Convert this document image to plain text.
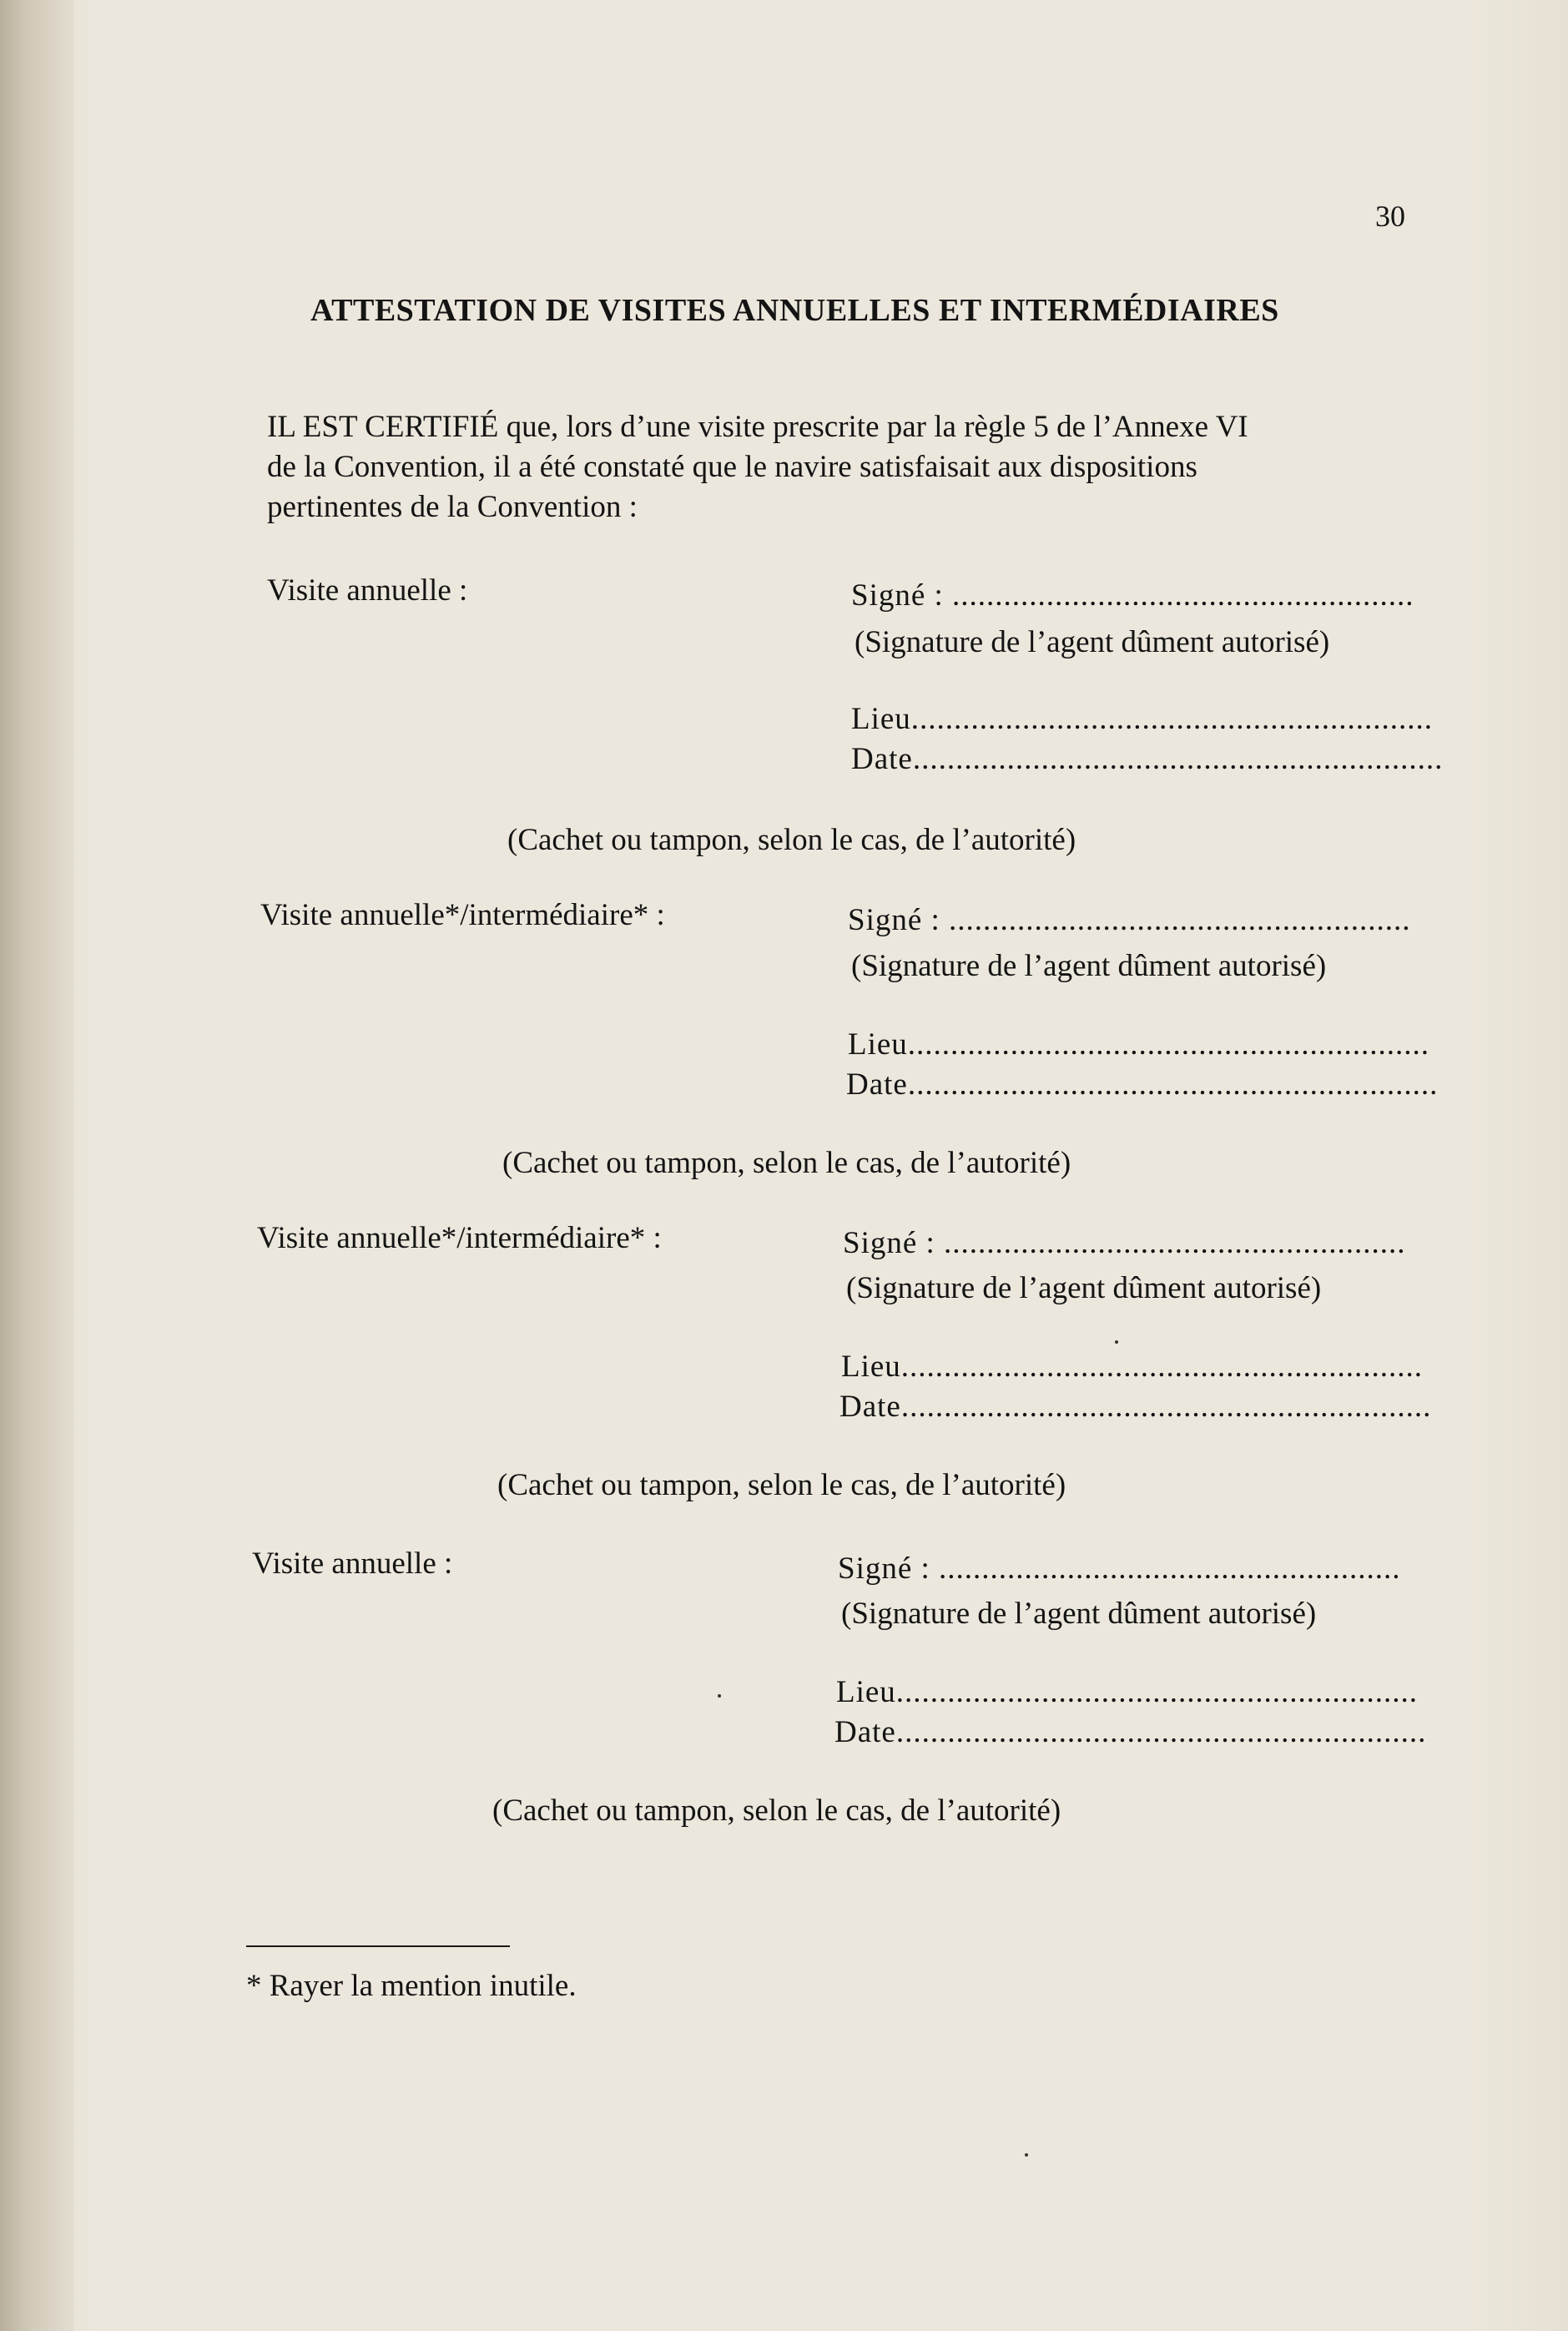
30
ATTESTATION DE VISITES ANNUELLES ET INTERMÉDIAIRES
IL EST CERTIFIÉ que, lors d’une visite prescrite par la règle 5 de l’Annexe VI
de la Convention, il a été constaté que le navire satisfaisait aux dispositions
pertinentes de la Convention :
Visite annuelle :	Signé : ......................................................
(Signature de l’agent dûment autorisé)
Lieu.............................................................
Date..............................................................
(Cachet ou tampon, selon le cas, de l’autorité)
Visite annuelle*/intermédiaire* :	Signé : ......................................................
(Signature de l’agent dûment autorisé)
Lieu.............................................................
Date..............................................................
(Cachet ou tampon, selon le cas, de l’autorité)
Visite annuelle*/intermédiaire* :	Signé : ......................................................
(Signature de l’agent dûment autorisé)
Lieu.............................................................
Date..............................................................
(Cachet ou tampon, selon le cas, de l’autorité)
Visite annuelle :	Signé : ......................................................
(Signature de l’agent dûment autorisé)
Lieu.............................................................
Date..............................................................
(Cachet ou tampon, selon le cas, de l’autorité)
* Rayer la mention inutile.
